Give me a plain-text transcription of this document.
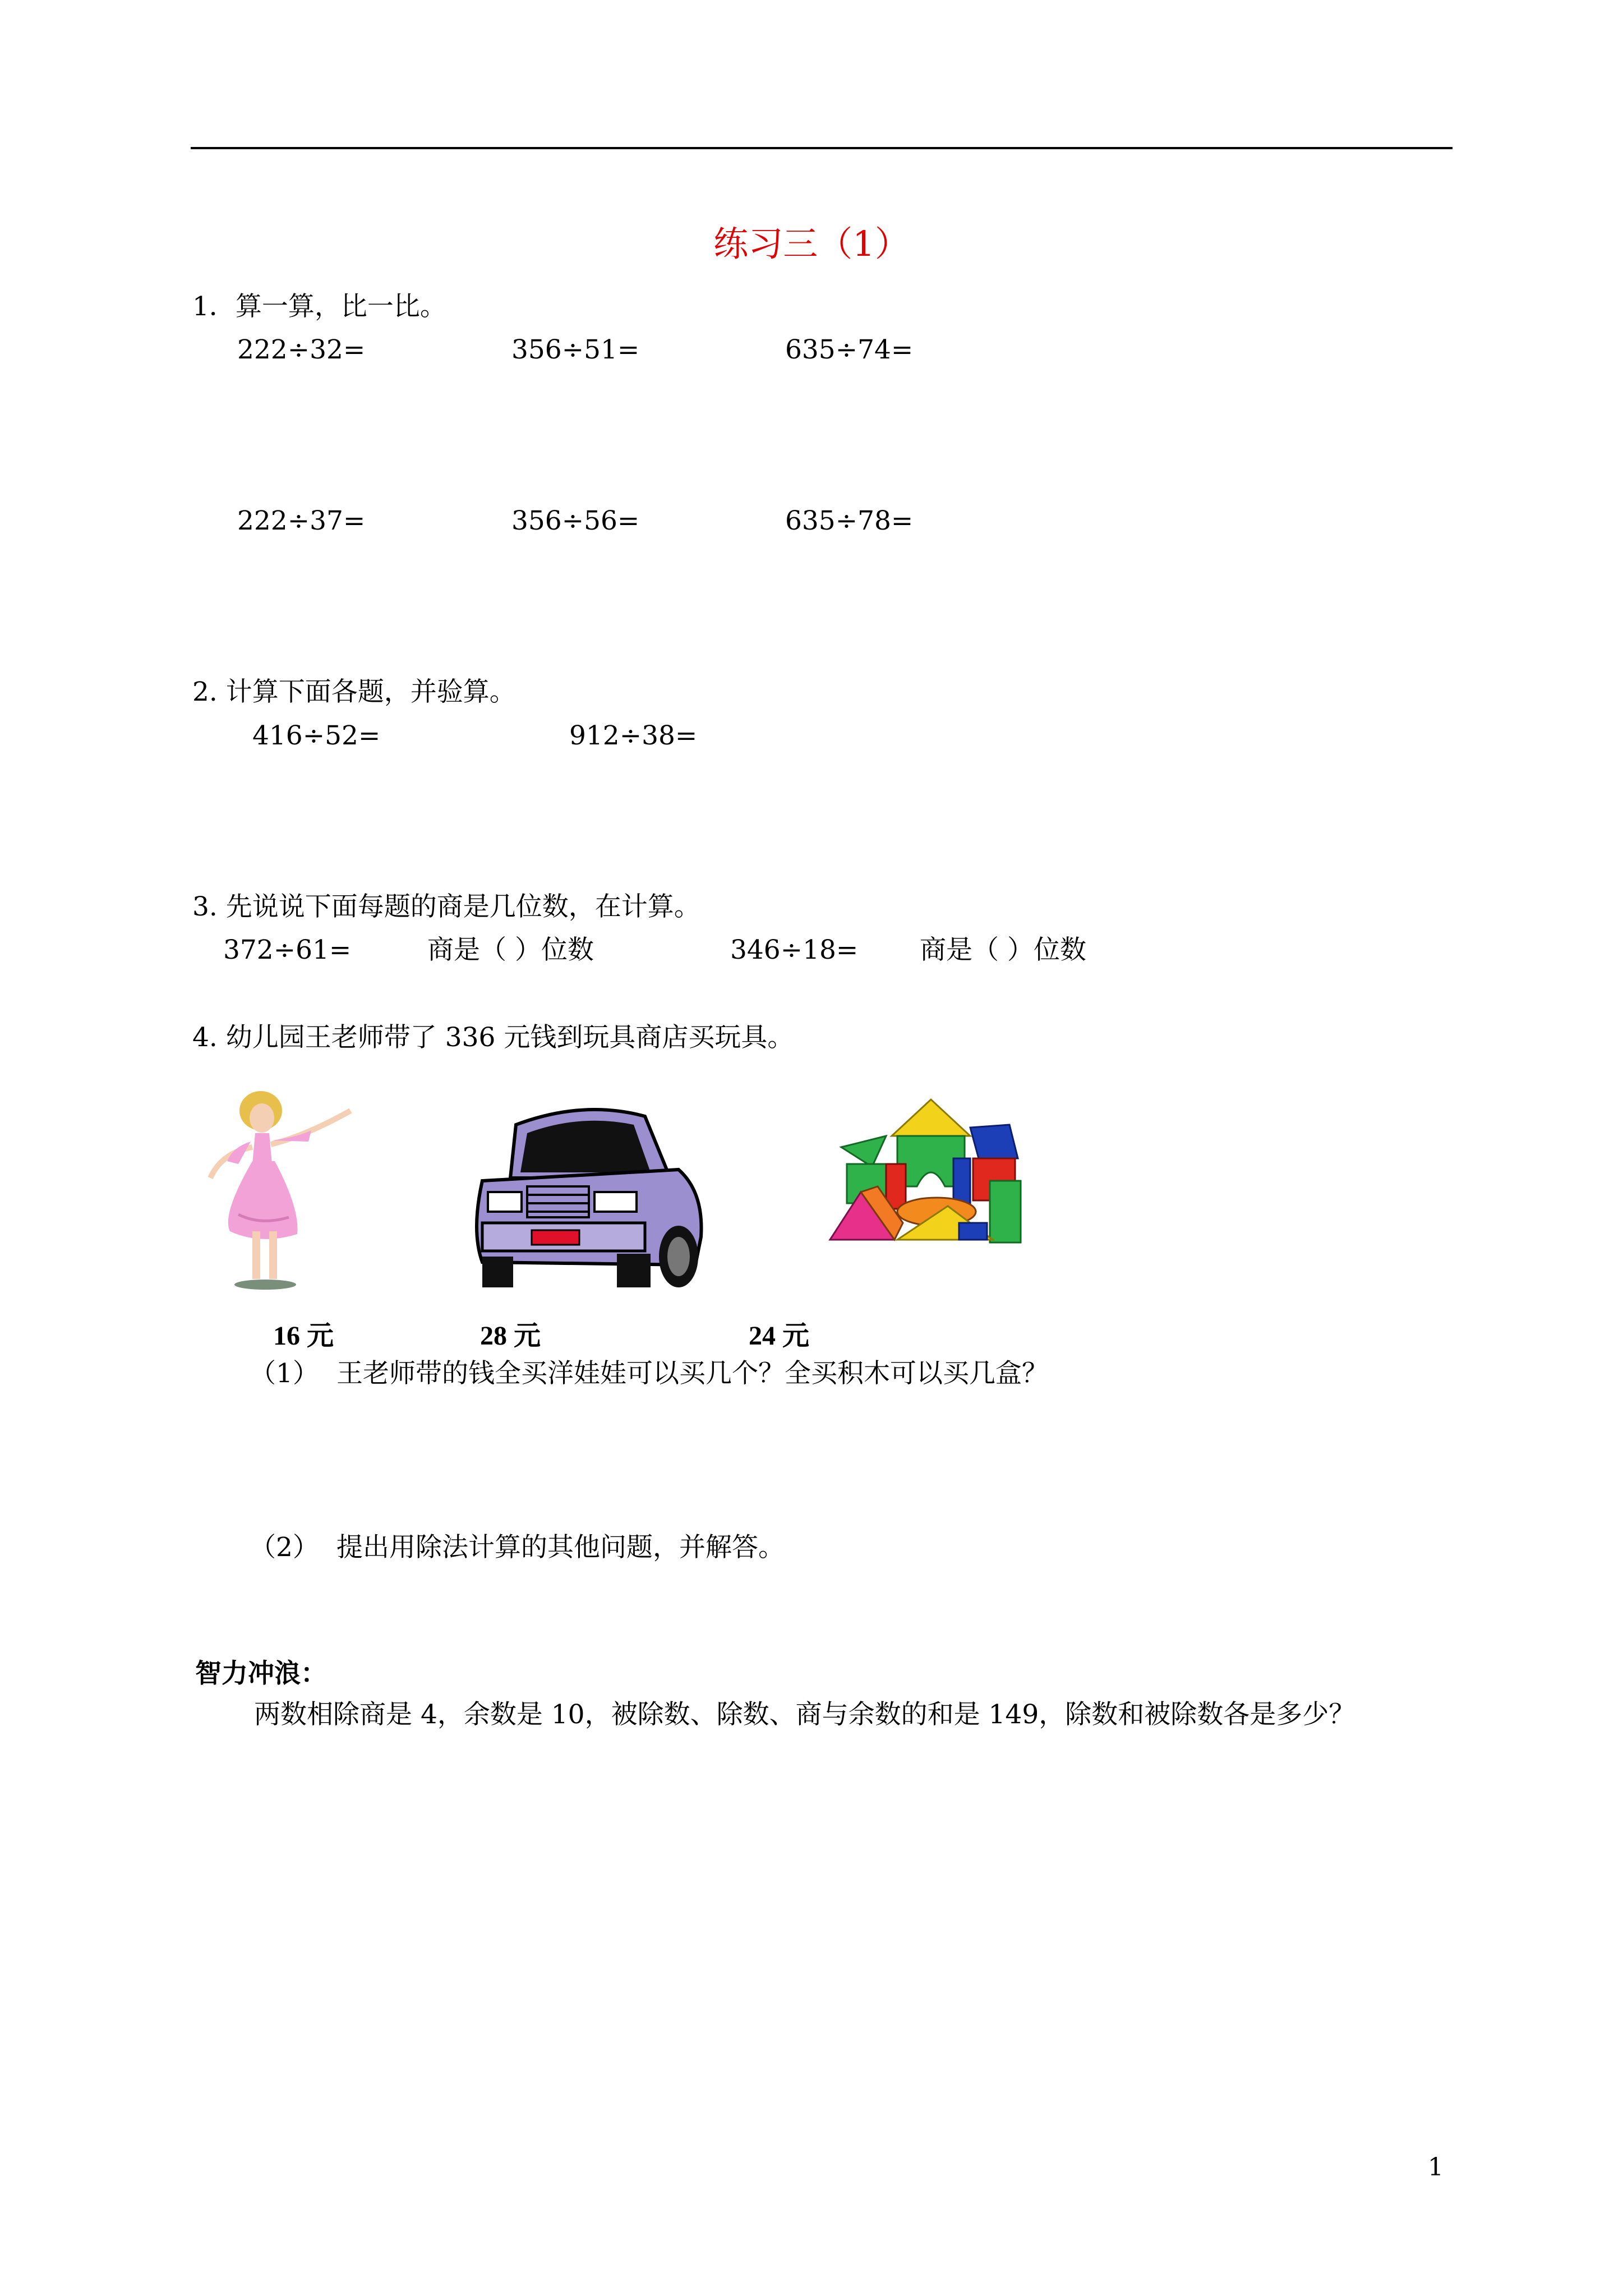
练习三（1）
1．算一算，比一比。
222÷32=	356÷51=	635÷74=
222÷37=	356÷56=	635÷78=
2. 计算下面各题，并验算。
416÷52=	912÷38=
3. 先说说下面每题的商是几位数，在计算。
372÷61=	商是（ ）位数	346÷18= 商是（ ）位数
4. 幼儿园王老师带了 336 元钱到玩具商店买玩具。
16 元	28 元	24 元
（1） 王老师带的钱全买洋娃娃可以买几个？全买积木可以买几盒？
（2） 提出用除法计算的其他问题，并解答。
智力冲浪：
两数相除商是 4，余数是 10，被除数、除数、商与余数的和是 149，除数和被除数各是多少？
1
